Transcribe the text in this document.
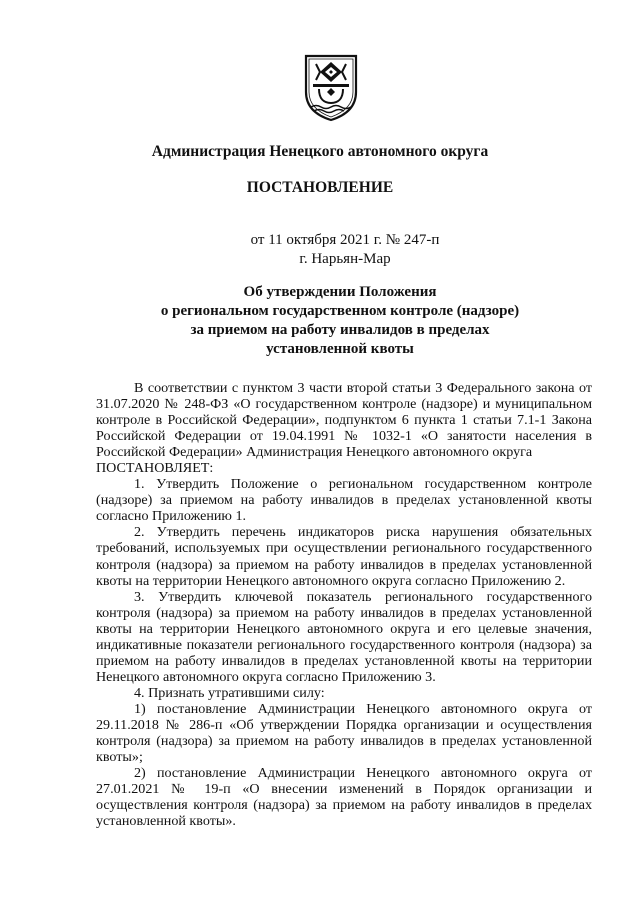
Администрация Ненецкого автономного округа
ПОСТАНОВЛЕНИЕ
от 11 октября 2021 г. № 247-п
г. Нарьян-Мар
Об утверждении Положения
о региональном государственном контроле (надзоре)
за приемом на работу инвалидов в пределах
установленной квоты

В соответствии с пунктом 3 части второй статьи 3 Федерального закона от 31.07.2020 № 248-ФЗ «О государственном контроле (надзоре) и муниципальном контроле в Российской Федерации», подпунктом 6 пункта 1 статьи 7.1-1 Закона Российской Федерации от 19.04.1991 № 1032-1 «О занятости населения в Российской Федерации» Администрация Ненецкого автономного округа

ПОСТАНОВЛЯЕТ:

1. Утвердить Положение о региональном государственном контроле (надзоре) за приемом на работу инвалидов в пределах установленной квоты согласно Приложению 1.

2. Утвердить перечень индикаторов риска нарушения обязательных требований, используемых при осуществлении регионального государственного контроля (надзора) за приемом на работу инвалидов в пределах установленной квоты на территории Ненецкого автономного округа согласно Приложению 2.

3. Утвердить ключевой показатель регионального государственного контроля (надзора) за приемом на работу инвалидов в пределах установленной квоты на территории Ненецкого автономного округа и его целевые значения, индикативные показатели регионального государственного контроля (надзора) за приемом на работу инвалидов в пределах установленной квоты на территории Ненецкого автономного округа согласно Приложению 3.

4. Признать утратившими силу:

1) постановление Администрации Ненецкого автономного округа от 29.11.2018 № 286-п «Об утверждении Порядка организации и осуществления контроля (надзора) за приемом на работу инвалидов в пределах установленной квоты»;

2) постановление Администрации Ненецкого автономного округа от 27.01.2021 № 19-п «О внесении изменений в Порядок организации и осуществления контроля (надзора) за приемом на работу инвалидов в пределах установленной квоты».
